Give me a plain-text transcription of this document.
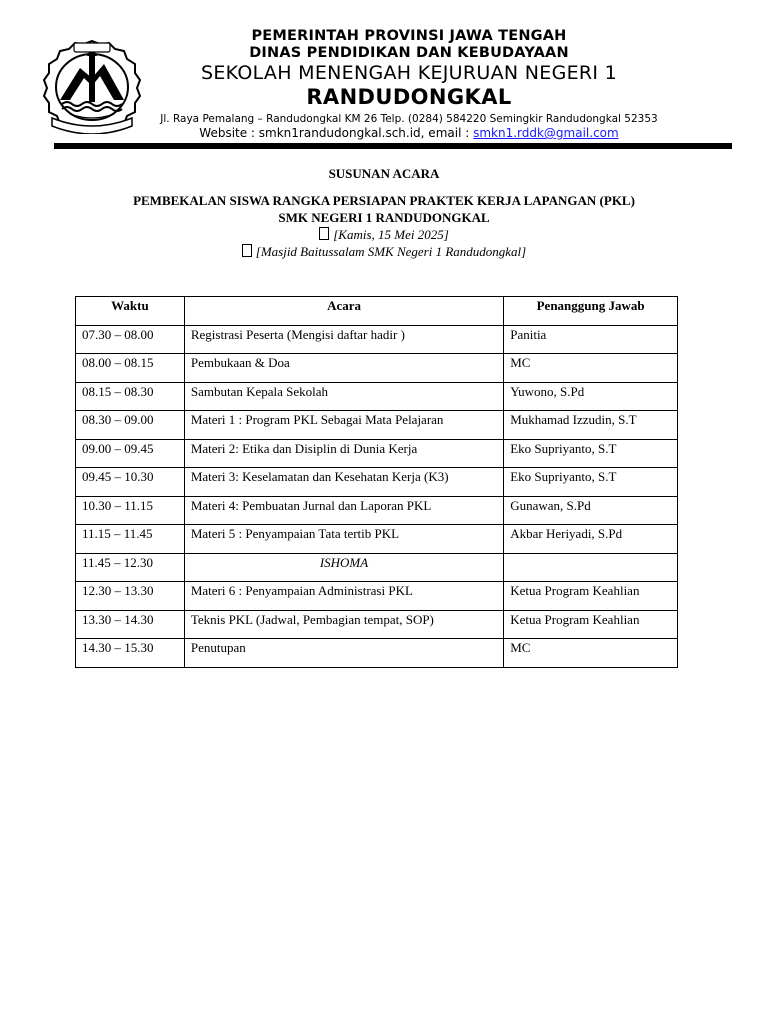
PEMERINTAH PROVINSI JAWA TENGAH
DINAS PENDIDIKAN DAN KEBUDAYAAN
SEKOLAH MENENGAH KEJURUAN NEGERI 1
RANDUDONGKAL
Jl. Raya Pemalang – Randudongkal KM 26 Telp. (0284) 584220 Semingkir Randudongkal 52353
Website : smkn1randudongkal.sch.id, email : smkn1.rddk@gmail.com
SUSUNAN ACARA
PEMBEKALAN SISWA RANGKA PERSIAPAN PRAKTEK KERJA LAPANGAN (PKL)
SMK NEGERI 1 RANDUDONGKAL
[Kamis, 15 Mei 2025]
[Masjid Baitussalam SMK Negeri 1 Randudongkal]
Waktu	Acara	Penanggung Jawab
07.30 – 08.00	Registrasi Peserta (Mengisi daftar hadir )	Panitia
08.00 – 08.15	Pembukaan & Doa	MC
08.15 – 08.30	Sambutan Kepala Sekolah	Yuwono, S.Pd
08.30 – 09.00	Materi 1 : Program PKL Sebagai Mata Pelajaran	Mukhamad Izzudin, S.T
09.00 – 09.45	Materi 2: Etika dan Disiplin di Dunia Kerja	Eko Supriyanto, S.T
09.45 – 10.30	Materi 3: Keselamatan dan Kesehatan Kerja (K3)	Eko Supriyanto, S.T
10.30 – 11.15	Materi 4: Pembuatan Jurnal dan Laporan PKL	Gunawan, S.Pd
11.15 – 11.45	Materi 5 : Penyampaian Tata tertib PKL	Akbar Heriyadi, S.Pd
11.45 – 12.30	ISHOMA	
12.30 – 13.30	Materi 6 : Penyampaian Administrasi PKL	Ketua Program Keahlian
13.30 – 14.30	Teknis PKL (Jadwal, Pembagian tempat, SOP)	Ketua Program Keahlian
14.30 – 15.30	Penutupan	MC
